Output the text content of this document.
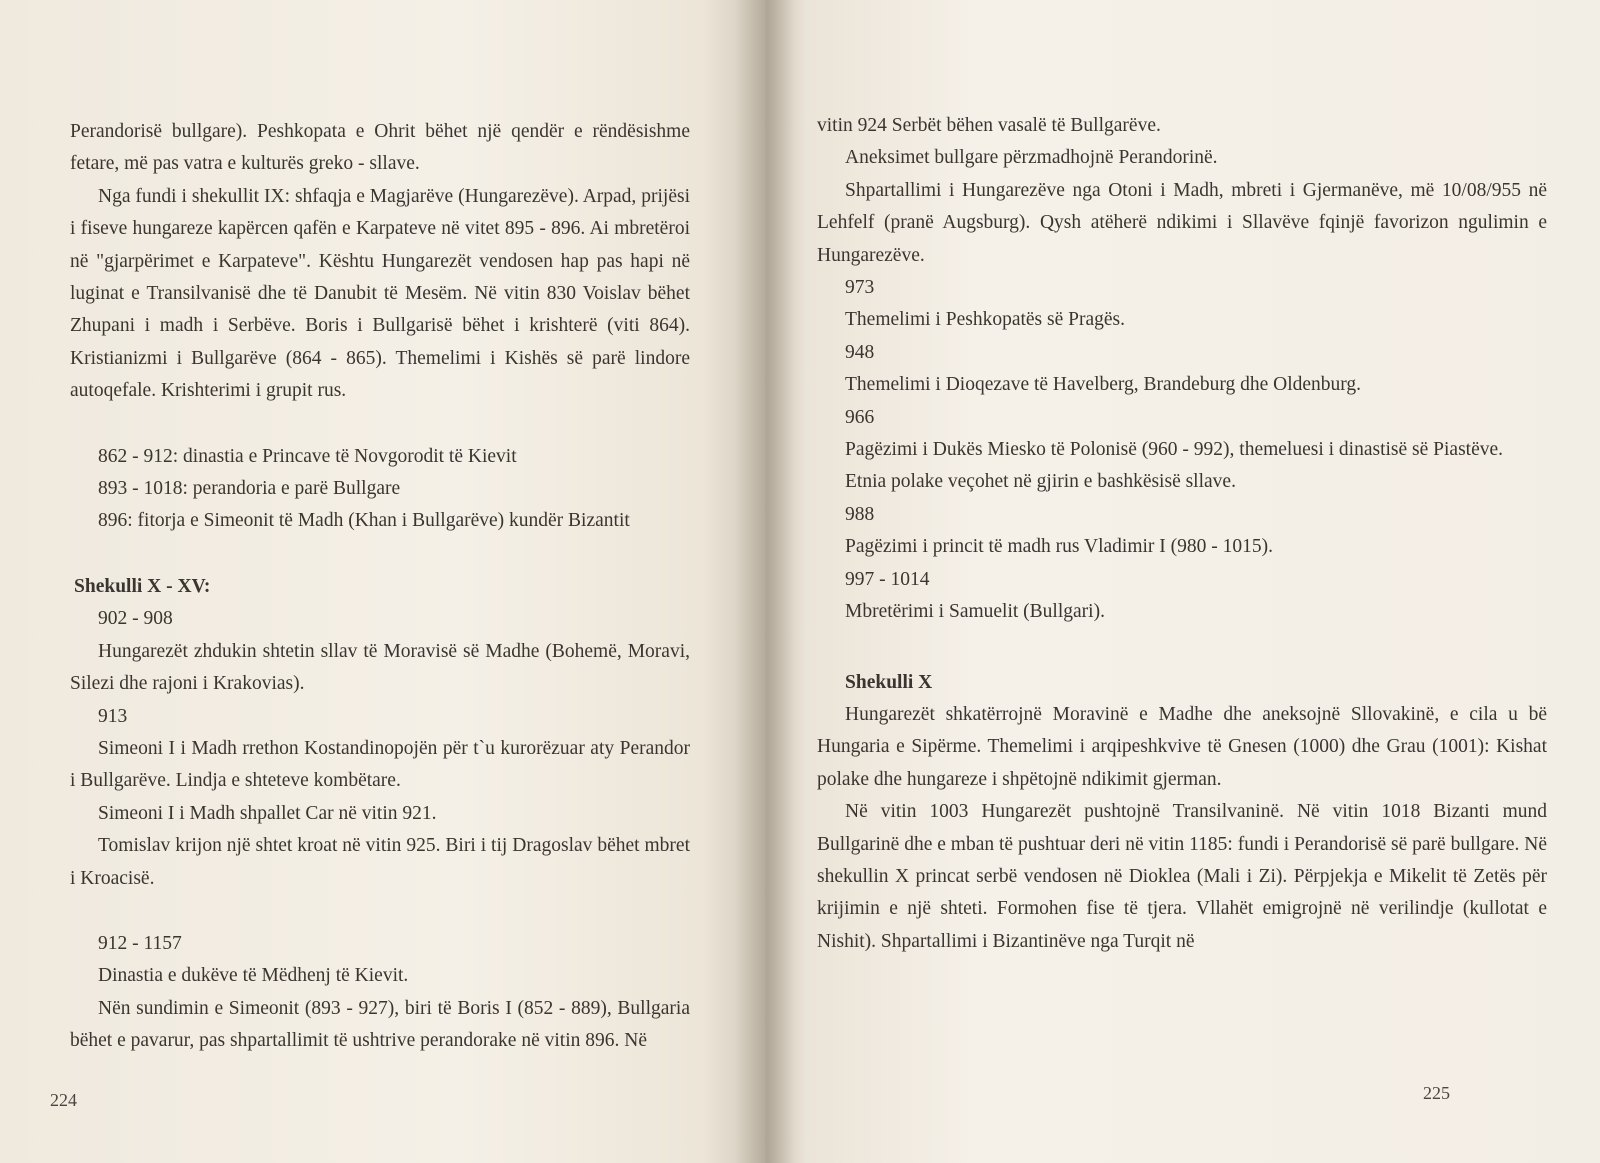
Perandorisë bullgare). Peshkopata e Ohrit bëhet një qendër e rëndësishme fetare, më pas vatra e kulturës greko - sllave.

Nga fundi i shekullit IX: shfaqja e Magjarëve (Hungarezëve). Arpad, prijësi i fiseve hungareze kapërcen qafën e Karpateve në vitet 895 - 896. Ai mbretëroi në "gjarpërimet e Karpateve". Kështu Hungarezët vendosen hap pas hapi në luginat e Transilvanisë dhe të Danubit të Mesëm. Në vitin 830 Voislav bëhet Zhupani i madh i Serbëve. Boris i Bullgarisë bëhet i krishterë (viti 864). Kristianizmi i Bullgarëve (864 - 865). Themelimi i Kishës së parë lindore autoqefale. Krishterimi i grupit rus.

862 - 912: dinastia e Princave të Novgorodit të Kievit

893 - 1018: perandoria e parë Bullgare

896: fitorja e Simeonit të Madh (Khan i Bullgarëve) kundër Bizantit

Shekulli X - XV:

902 - 908

Hungarezët zhdukin shtetin sllav të Moravisë së Madhe (Bohemë, Moravi, Silezi dhe rajoni i Krakovias).

913

Simeoni I i Madh rrethon Kostandinopojën për t`u kurorëzuar aty Perandor i Bullgarëve. Lindja e shteteve kombëtare.

Simeoni I i Madh shpallet Car në vitin 921.

Tomislav krijon një shtet kroat në vitin 925. Biri i tij Dragoslav bëhet mbret i Kroacisë.

912 - 1157

Dinastia e dukëve të Mëdhenj të Kievit.

Nën sundimin e Simeonit (893 - 927), biri të Boris I (852 - 889), Bullgaria bëhet e pavarur, pas shpartallimit të ushtrive perandorake në vitin 896. Në

224

vitin 924 Serbët bëhen vasalë të Bullgarëve.

Aneksimet bullgare përzmadhojnë Perandorinë.

Shpartallimi i Hungarezëve nga Otoni i Madh, mbreti i Gjermanëve, më 10/08/955 në Lehfelf (pranë Augsburg). Qysh atëherë ndikimi i Sllavëve fqinjë favorizon ngulimin e Hungarezëve.

973

Themelimi i Peshkopatës së Pragës.

948

Themelimi i Dioqezave të Havelberg, Brandeburg dhe Oldenburg.

966

Pagëzimi i Dukës Miesko të Polonisë (960 - 992), themeluesi i dinastisë së Piastëve.

Etnia polake veçohet në gjirin e bashkësisë sllave.

988

Pagëzimi i princit të madh rus Vladimir I (980 - 1015).

997 - 1014

Mbretërimi i Samuelit (Bullgari).

Shekulli X

Hungarezët shkatërrojnë Moravinë e Madhe dhe aneksojnë Sllovakinë, e cila u bë Hungaria e Sipërme. Themelimi i arqipeshkvive të Gnesen (1000) dhe Grau (1001): Kishat polake dhe hungareze i shpëtojnë ndikimit gjerman.

Në vitin 1003 Hungarezët pushtojnë Transilvaninë. Në vitin 1018 Bizanti mund Bullgarinë dhe e mban të pushtuar deri në vitin 1185: fundi i Perandorisë së parë bullgare. Në shekullin X princat serbë vendosen në Dioklea (Mali i Zi). Përpjekja e Mikelit të Zetës për krijimin e një shteti. Formohen fise të tjera. Vllahët emigrojnë në verilindje (kullotat e Nishit). Shpartallimi i Bizantinëve nga Turqit në

225
